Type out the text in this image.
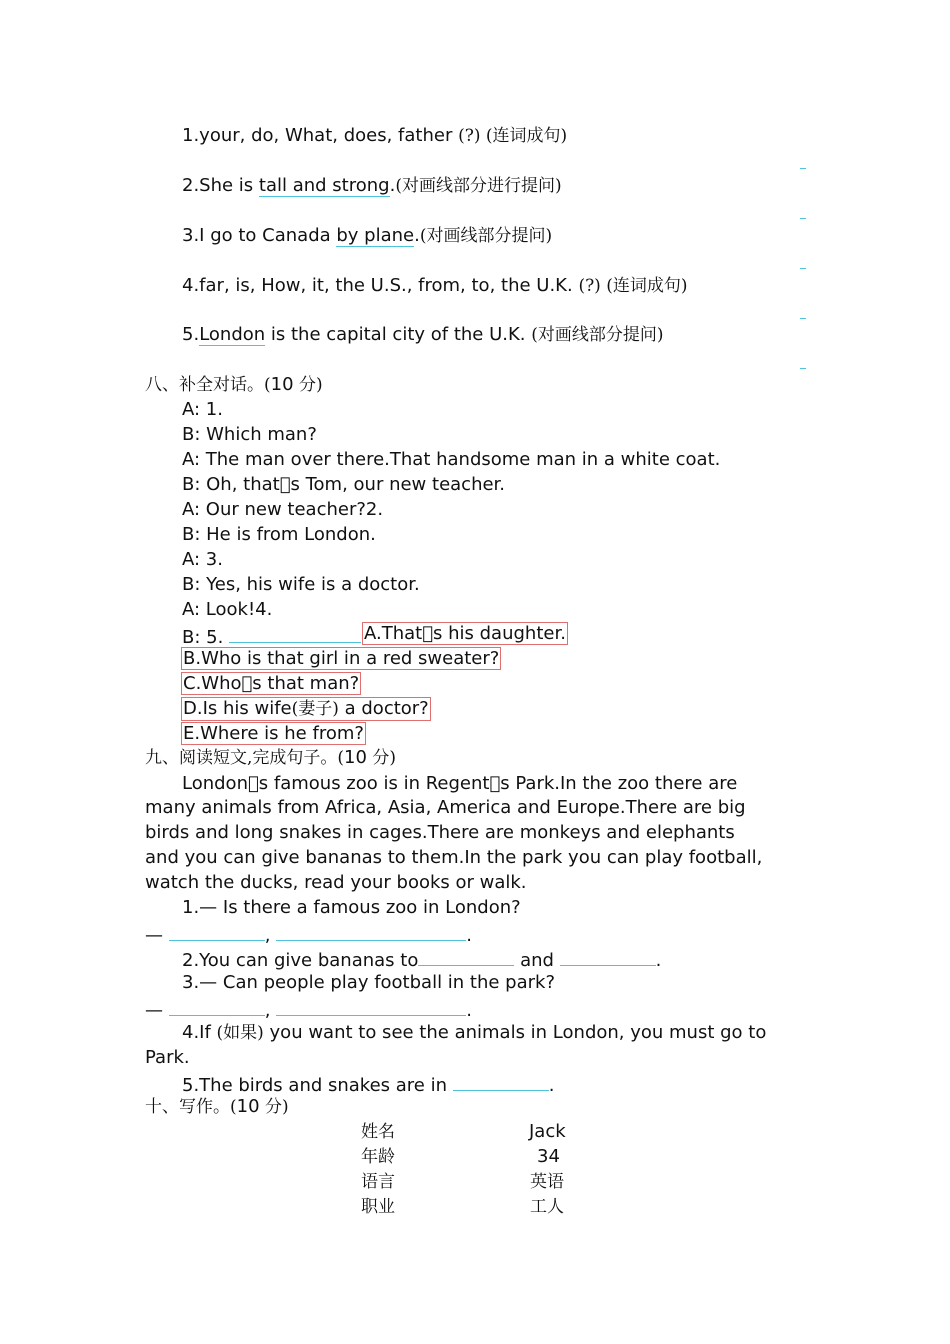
1.your, do, What, does, father (?) (连词成句)
2.She is tall and strong.(对画线部分进行提问)
3.I go to Canada by plane.(对画线部分提问)
4.far, is, How, it, the U.S., from, to, the U.K. (?) (连词成句)
5.London is the capital city of the U.K. (对画线部分提问)
八、补全对话。(10 分)
A: 1.
B: Which man?
A: The man over there.That handsome man in a white coat.
B: Oh, that s Tom, our new teacher.
A: Our new teacher?2.
B: He is from London.
A: 3.
B: Yes, his wife is a doctor.
A: Look!4.
B: 5.	A.That s his daughter.
B.Who is that girl in a red sweater?
C.Who s that man?
D.Is his wife(妻子) a doctor?
E.Where is he from?
九、阅读短文,完成句子。(10 分)
London s famous zoo is in Regent s Park.In the zoo there are
many animals from Africa, Asia, America and Europe.There are big
birds and long snakes in cages.There are monkeys and elephants
and you can give bananas to them.In the park you can play football,
watch the ducks, read your books or walk.
1.— Is there a famous zoo in London?
—	,	.
2.You can give bananas to	and	.
3.— Can people play football in the park?
—	,	.
4.If (如果) you want to see the animals in London, you must go to
Park.
5.The birds and snakes are in	.
十、写作。(10 分)
姓名	Jack
年龄	34
语言	英语
职业	工人
